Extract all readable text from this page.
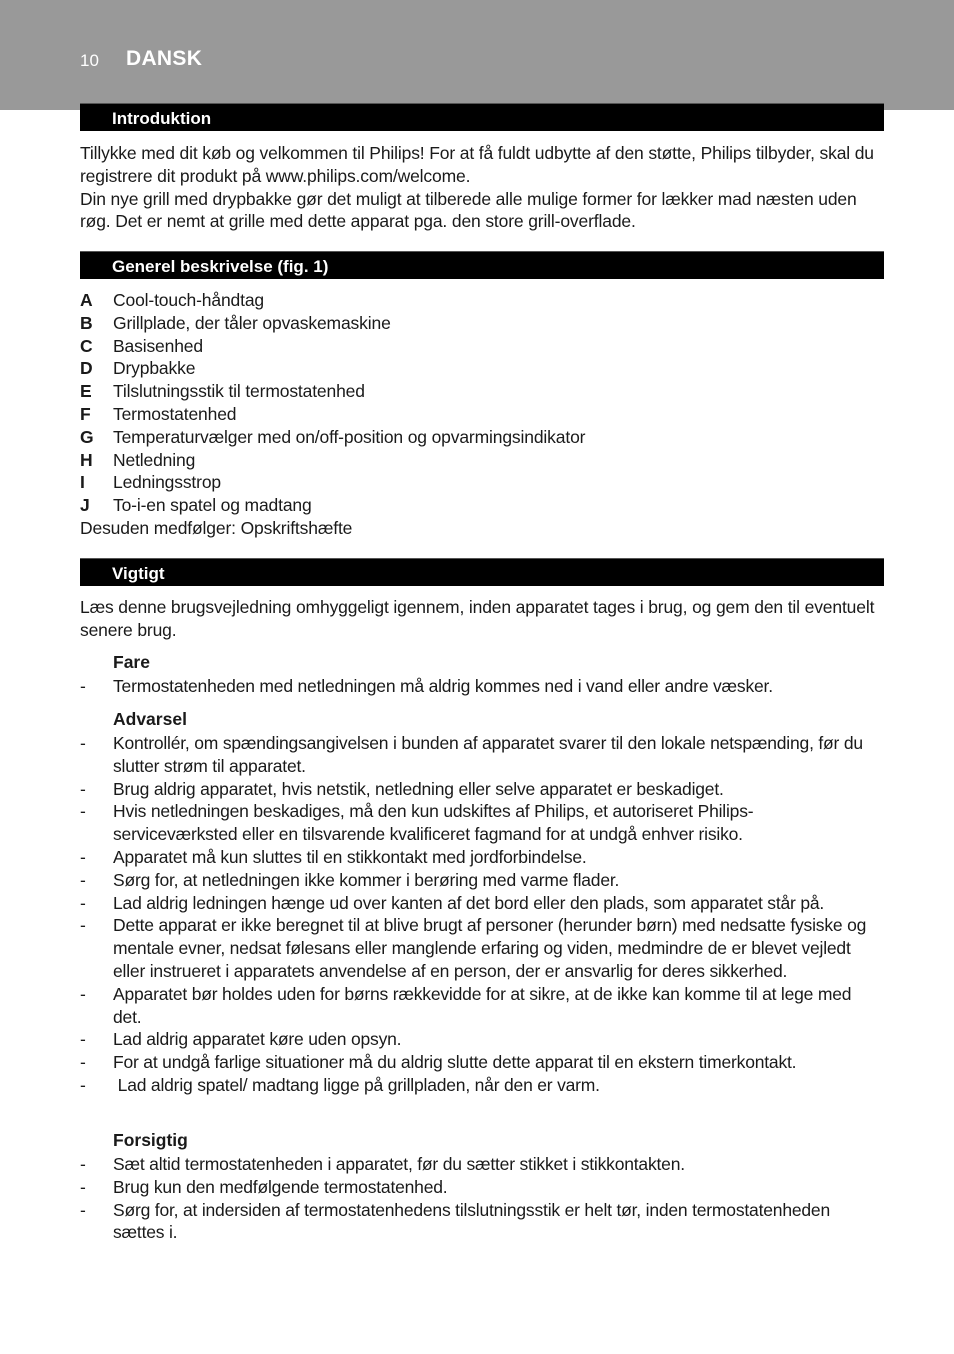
10 DANSK
Introduktion

Tillykke med dit køb og velkommen til Philips! For at få fuldt udbytte af den støtte, Philips tilbyder, skal du registrere dit produkt på www.philips.com/welcome.

Din nye grill med drypbakke gør det muligt at tilberede alle mulige former for lækker mad næsten uden røg. Det er nemt at grille med dette apparat pga. den store grill-overflade.

Generel beskrivelse (fig. 1)
A	Cool-touch-håndtag
B	Grillplade, der tåler opvaskemaskine
C	Basisenhed
D	Drypbakke
E	Tilslutningsstik til termostatenhed
F	Termostatenhed
G	Temperaturvælger med on/off-position og opvarmingsindikator
H	Netledning
I	Ledningsstrop
J	To-i-en spatel og madtang
Desuden medfølger: Opskriftshæfte
Vigtigt

Læs denne brugsvejledning omhyggeligt igennem, inden apparatet tages i brug, og gem den til eventuelt senere brug.

Fare
-	Termostatenheden med netledningen må aldrig kommes ned i vand eller andre væsker.
Advarsel
-	Kontrollér, om spændingsangivelsen i bunden af apparatet svarer til den lokale netspænding, før du slutter strøm til apparatet.
-	Brug aldrig apparatet, hvis netstik, netledning eller selve apparatet er beskadiget.
-	Hvis netledningen beskadiges, må den kun udskiftes af Philips, et autoriseret Philips-serviceværksted eller en tilsvarende kvalificeret fagmand for at undgå enhver risiko.
-	Apparatet må kun sluttes til en stikkontakt med jordforbindelse.
-	Sørg for, at netledningen ikke kommer i berøring med varme flader.
-	Lad aldrig ledningen hænge ud over kanten af det bord eller den plads, som apparatet står på.
-	Dette apparat er ikke beregnet til at blive brugt af personer (herunder børn) med nedsatte fysiske og mentale evner, nedsat følesans eller manglende erfaring og viden, medmindre de er blevet vejledt eller instrueret i apparatets anvendelse af en person, der er ansvarlig for deres sikkerhed.
-	Apparatet bør holdes uden for børns rækkevidde for at sikre, at de ikke kan komme til at lege med det.
-	Lad aldrig apparatet køre uden opsyn.
-	For at undgå farlige situationer må du aldrig slutte dette apparat til en ekstern timerkontakt.
-	Lad aldrig spatel/ madtang ligge på grillpladen, når den er varm.
Forsigtig
-	Sæt altid termostatenheden i apparatet, før du sætter stikket i stikkontakten.
-	Brug kun den medfølgende termostatenhed.
-	Sørg for, at indersiden af termostatenhedens tilslutningsstik er helt tør, inden termostatenheden sættes i.
